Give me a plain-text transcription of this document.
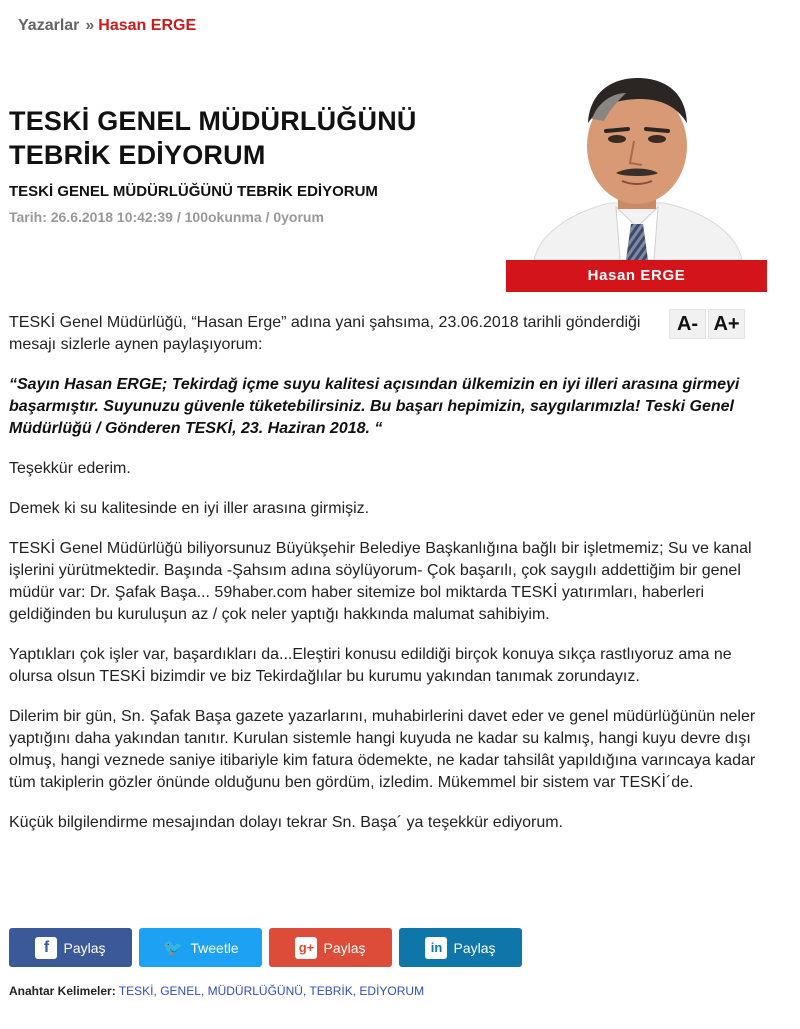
Yazarlar » Hasan ERGE
TESKİ GENEL MÜDÜRLÜĞÜNÜ TEBRİK EDİYORUM
TESKİ GENEL MÜDÜRLÜĞÜNÜ TEBRİK EDİYORUM
Tarih: 26.6.2018 10:42:39 / 100okunma / 0yorum
Hasan ERGE
A- A+

TESKİ Genel Müdürlüğü, “Hasan Erge” adına yani şahsıma, 23.06.2018 tarihli gönderdiği mesajı sizlerle aynen paylaşıyorum:

“Sayın Hasan ERGE; Tekirdağ içme suyu kalitesi açısından ülkemizin en iyi illeri arasına girmeyi başarmıştır. Suyunuzu güvenle tüketebilirsiniz. Bu başarı hepimizin, saygılarımızla! Teski Genel Müdürlüğü / Gönderen TESKİ, 23. Haziran 2018. “

Teşekkür ederim.

Demek ki su kalitesinde en iyi iller arasına girmişiz.

TESKİ Genel Müdürlüğü biliyorsunuz Büyükşehir Belediye Başkanlığına bağlı bir işletmemiz; Su ve kanal işlerini yürütmektedir. Başında -Şahsım adına söylüyorum- Çok başarılı, çok saygılı addettiğim bir genel müdür var: Dr. Şafak Başa... 59haber.com haber sitemize bol miktarda TESKİ yatırımları, haberleri geldiğinden bu kuruluşun az / çok neler yaptığı hakkında malumat sahibiyim.

Yaptıkları çok işler var, başardıkları da...Eleştiri konusu edildiği birçok konuya sıkça rastlıyoruz ama ne olursa olsun TESKİ bizimdir ve biz Tekirdağlılar bu kurumu yakından tanımak zorundayız.

Dilerim bir gün, Sn. Şafak Başa gazete yazarlarını, muhabirlerini davet eder ve genel müdürlüğünün neler yaptığını daha yakından tanıtır. Kurulan sistemle hangi kuyuda ne kadar su kalmış, hangi kuyu devre dışı olmuş, hangi veznede saniye itibariyle kim fatura ödemekte, ne kadar tahsilât yapıldığına varıncaya kadar tüm takiplerin gözler önünde olduğunu ben gördüm, izledim. Mükemmel bir sistem var TESKİ´de.

Küçük bilgilendirme mesajından dolayı tekrar Sn. Başa´ ya teşekkür ediyorum.

f	Paylaş	🐦 Tweetle	g+ Paylaş	in Paylaş
Anahtar Kelimeler: TESKİ, GENEL, MÜDÜRLÜĞÜNÜ, TEBRİK, EDİYORUM
